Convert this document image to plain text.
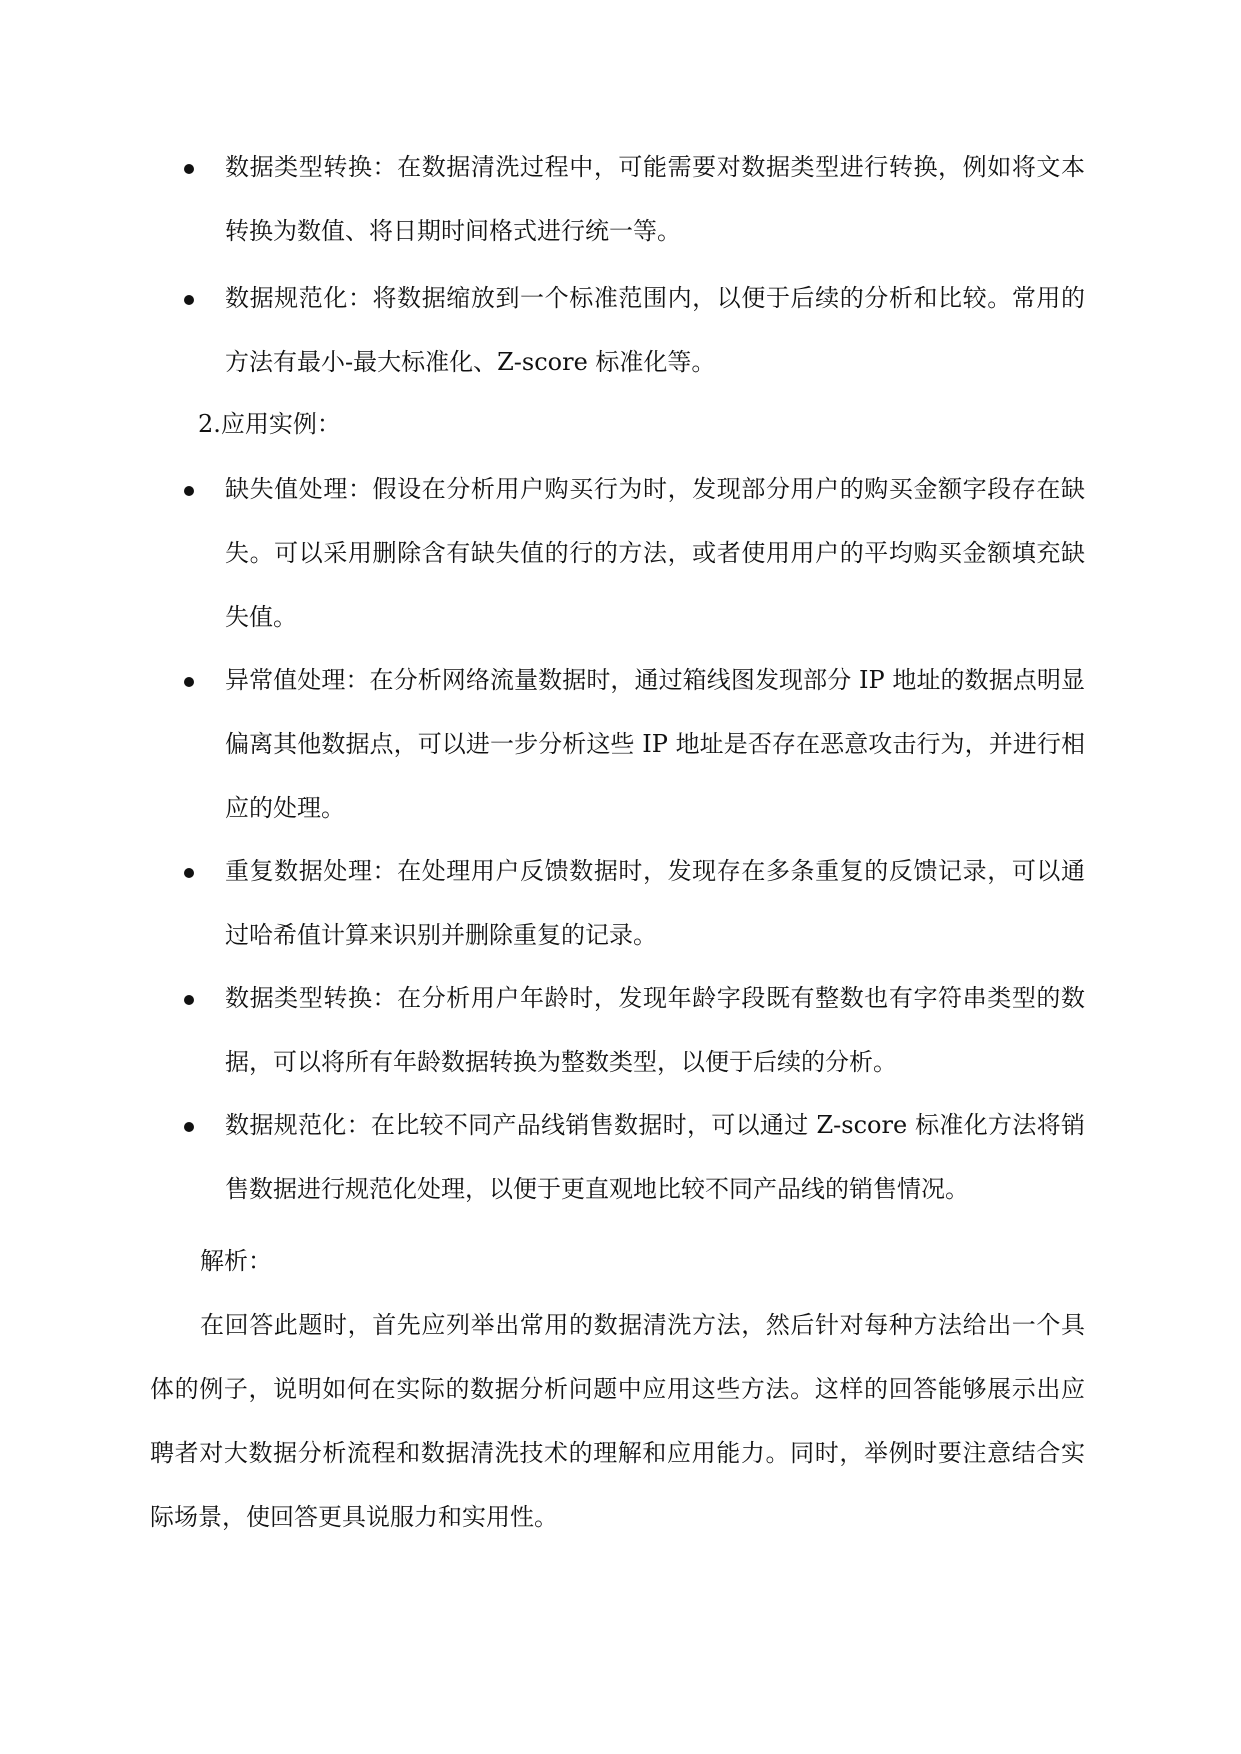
数据类型转换：在数据清洗过程中，可能需要对数据类型进行转换，例如将文本转换为数值、将日期时间格式进行统一等。
数据规范化：将数据缩放到一个标准范围内，以便于后续的分析和比较。常用的方法有最小-最大标准化、Z-score 标准化等。

2.应用实例：

缺失值处理：假设在分析用户购买行为时，发现部分用户的购买金额字段存在缺失。可以采用删除含有缺失值的行的方法，或者使用用户的平均购买金额填充缺失值。
异常值处理：在分析网络流量数据时，通过箱线图发现部分 IP 地址的数据点明显偏离其他数据点，可以进一步分析这些 IP 地址是否存在恶意攻击行为，并进行相应的处理。
重复数据处理：在处理用户反馈数据时，发现存在多条重复的反馈记录，可以通过哈希值计算来识别并删除重复的记录。
数据类型转换：在分析用户年龄时，发现年龄字段既有整数也有字符串类型的数据，可以将所有年龄数据转换为整数类型，以便于后续的分析。
数据规范化：在比较不同产品线销售数据时，可以通过 Z-score 标准化方法将销售数据进行规范化处理，以便于更直观地比较不同产品线的销售情况。

解析：

在回答此题时，首先应列举出常用的数据清洗方法，然后针对每种方法给出一个具体的例子，说明如何在实际的数据分析问题中应用这些方法。这样的回答能够展示出应聘者对大数据分析流程和数据清洗技术的理解和应用能力。同时，举例时要注意结合实际场景，使回答更具说服力和实用性。
